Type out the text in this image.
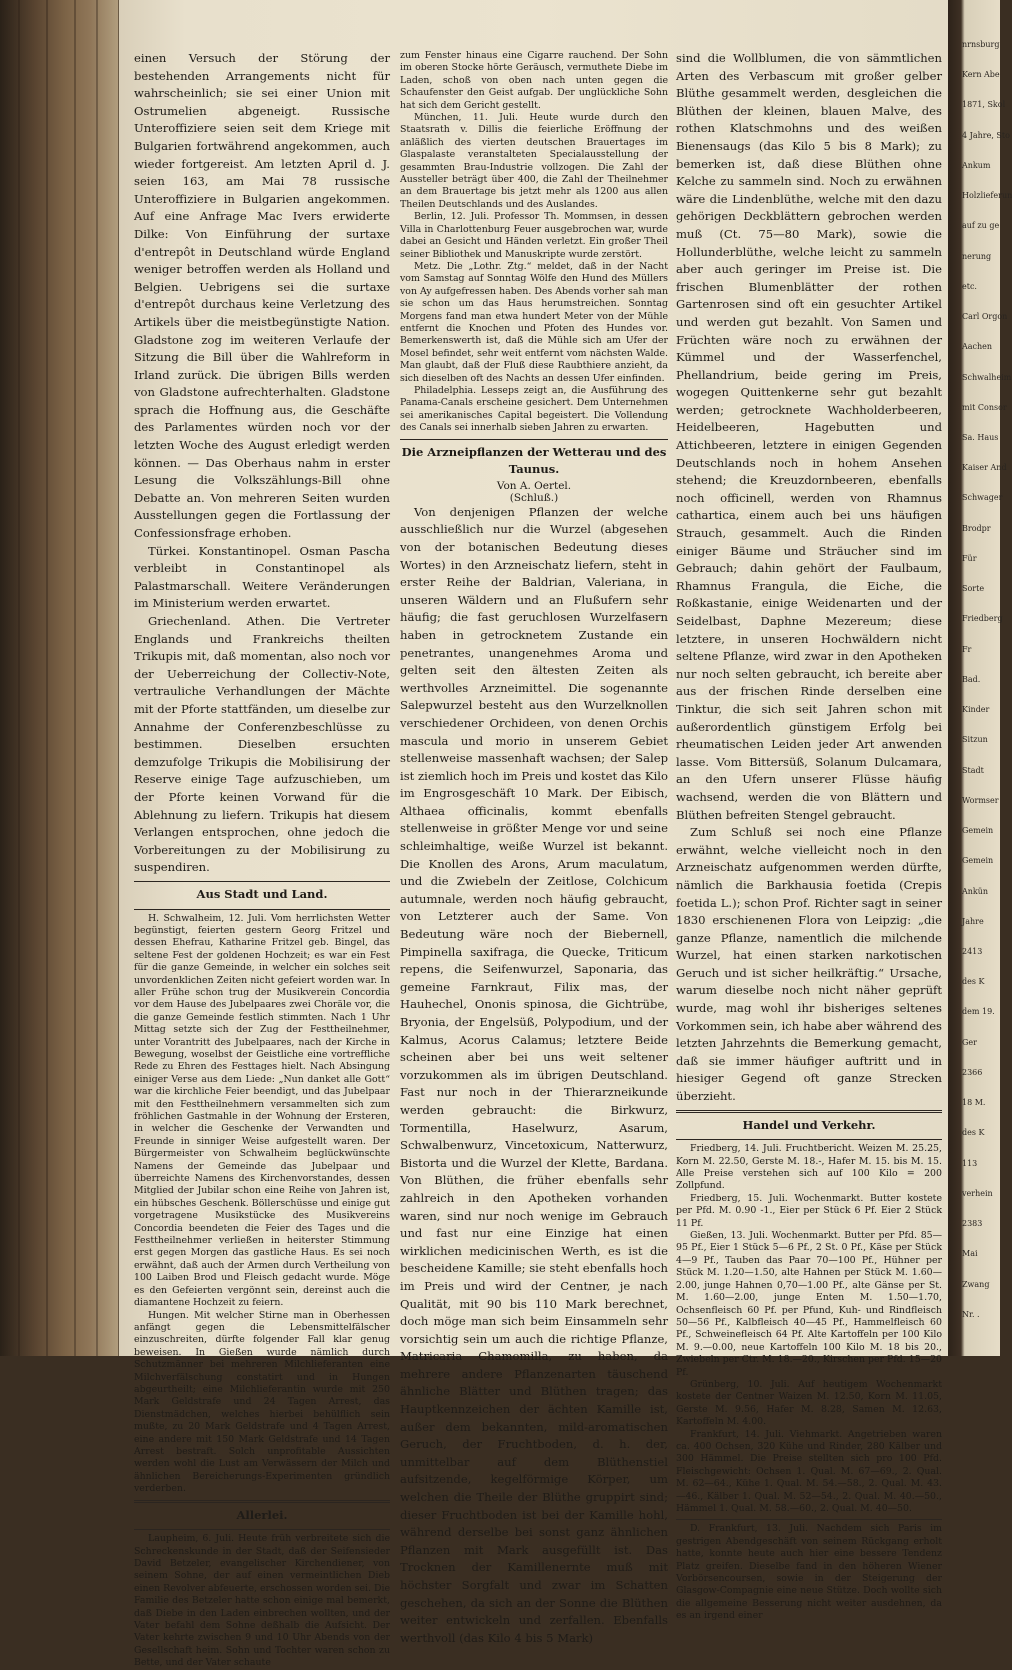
einen Versuch der Störung der bestehenden Arrangements nicht für wahrscheinlich; sie sei einer Union mit Ostrumelien abgeneigt. Russische Unteroffiziere seien seit dem Kriege mit Bulgarien fortwährend angekommen, auch wieder fortgereist. Am letzten April d. J. seien 163, am Mai 78 russische Unteroffiziere in Bulgarien angekommen. Auf eine Anfrage Mac Ivers erwiderte Dilke: Von Einführung der surtaxe d'entrepôt in Deutschland würde England weniger betroffen werden als Holland und Belgien. Uebrigens sei die surtaxe d'entrepôt durchaus keine Verletzung des Artikels über die meistbegünstigte Nation. Gladstone zog im weiteren Verlaufe der Sitzung die Bill über die Wahlreform in Irland zurück. Die übrigen Bills werden von Gladstone aufrechterhalten. Gladstone sprach die Hoffnung aus, die Geschäfte des Parlamentes würden noch vor der letzten Woche des August erledigt werden können. — Das Oberhaus nahm in erster Lesung die Volkszählungs-Bill ohne Debatte an. Von mehreren Seiten wurden Ausstellungen gegen die Fortlassung der Confessionsfrage erhoben.

Türkei. Konstantinopel. Osman Pascha verbleibt in Constantinopel als Palastmarschall. Weitere Veränderungen im Ministerium werden erwartet.

Griechenland. Athen. Die Vertreter Englands und Frankreichs theilten Trikupis mit, daß momentan, also noch vor der Ueberreichung der Collectiv-Note, vertrauliche Verhandlungen der Mächte mit der Pforte stattfänden, um dieselbe zur Annahme der Conferenzbeschlüsse zu bestimmen. Dieselben ersuchten demzufolge Trikupis die Mobilisirung der Reserve einige Tage aufzuschieben, um der Pforte keinen Vorwand für die Ablehnung zu liefern. Trikupis hat diesem Verlangen entsprochen, ohne jedoch die Vorbereitungen zu der Mobilisirung zu suspendiren.

Aus Stadt und Land.

H. Schwalheim, 12. Juli. Vom herrlichsten Wetter begünstigt, feierten gestern Georg Fritzel und dessen Ehefrau, Katharine Fritzel geb. Bingel, das seltene Fest der goldenen Hochzeit; es war ein Fest für die ganze Gemeinde, in welcher ein solches seit unvordenklichen Zeiten nicht gefeiert worden war. In aller Frühe schon trug der Musikverein Concordia vor dem Hause des Jubelpaares zwei Choräle vor, die die ganze Gemeinde festlich stimmten. Nach 1 Uhr Mittag setzte sich der Zug der Festtheilnehmer, unter Vorantritt des Jubelpaares, nach der Kirche in Bewegung, woselbst der Geistliche eine vortreffliche Rede zu Ehren des Festtages hielt. Nach Absingung einiger Verse aus dem Liede: „Nun danket alle Gott“ war die kirchliche Feier beendigt, und das Jubelpaar mit den Festtheilnehmern versammelten sich zum fröhlichen Gastmahle in der Wohnung der Ersteren, in welcher die Geschenke der Verwandten und Freunde in sinniger Weise aufgestellt waren. Der Bürgermeister von Schwalheim beglückwünschte Namens der Gemeinde das Jubelpaar und überreichte Namens des Kirchenvorstandes, dessen Mitglied der Jubilar schon eine Reihe von Jahren ist, ein hübsches Geschenk. Böllerschüsse und einige gut vorgetragene Musikstücke des Musikvereins Concordia beendeten die Feier des Tages und die Festtheilnehmer verließen in heiterster Stimmung erst gegen Morgen das gastliche Haus. Es sei noch erwähnt, daß auch der Armen durch Vertheilung von 100 Laiben Brod und Fleisch gedacht wurde. Möge es den Gefeierten vergönnt sein, dereinst auch die diamantene Hochzeit zu feiern.

Hungen. Mit welcher Stirne man in Oberhessen anfängt gegen die Lebensmittelfälscher einzuschreiten, dürfte folgender Fall klar genug beweisen. In Gießen wurde nämlich durch Schutzmänner bei mehreren Milchlieferanten eine Milchverfälschung constatirt und in Hungen abgeurtheilt; eine Milchlieferantin wurde mit 250 Mark Geldstrafe und 24 Tagen Arrest, das Dienstmädchen, welches hierbei behülflich sein mußte, zu 20 Mark Geldstrafe und 4 Tagen Arrest, eine andere mit 150 Mark Geldstrafe und 14 Tagen Arrest bestraft. Solch unprofitable Aussichten werden wohl die Lust am Verwässern der Milch und ähnlichen Bereicherungs-Experimenten gründlich verderben.

Allerlei.

Laupheim, 6. Juli. Heute früh verbreitete sich die Schreckenskunde in der Stadt, daß der Seifensieder David Betzeler, evangelischer Kirchendiener, von seinem Sohne, der auf einen vermeintlichen Dieb einen Revolver abfeuerte, erschossen worden sei. Die Familie des Betzeler hatte schon einige mal bemerkt, daß Diebe in den Laden einbrechen wollten, und der Vater befahl dem Sohne deßhalb die Aufsicht. Der Vater kehrte zwischen 9 und 10 Uhr Abends von der Gesellschaft heim. Sohn und Tochter waren schon zu Bette, und der Vater schaute

zum Fenster hinaus eine Cigarre rauchend. Der Sohn im oberen Stocke hörte Geräusch, vermuthete Diebe im Laden, schoß von oben nach unten gegen die Schaufenster den Geist aufgab. Der unglückliche Sohn hat sich dem Gericht gestellt.

München, 11. Juli. Heute wurde durch den Staatsrath v. Dillis die feierliche Eröffnung der anläßlich des vierten deutschen Brauertages im Glaspalaste veranstalteten Specialausstellung der gesammten Brau-Industrie vollzogen. Die Zahl der Aussteller beträgt über 400, die Zahl der Theilnehmer an dem Brauertage bis jetzt mehr als 1200 aus allen Theilen Deutschlands und des Auslandes.

Berlin, 12. Juli. Professor Th. Mommsen, in dessen Villa in Charlottenburg Feuer ausgebrochen war, wurde dabei an Gesicht und Händen verletzt. Ein großer Theil seiner Bibliothek und Manuskripte wurde zerstört.

Metz. Die „Lothr. Ztg.“ meldet, daß in der Nacht vom Samstag auf Sonntag Wölfe den Hund des Müllers von Ay aufgefressen haben. Des Abends vorher sah man sie schon um das Haus herumstreichen. Sonntag Morgens fand man etwa hundert Meter von der Mühle entfernt die Knochen und Pfoten des Hundes vor. Bemerkenswerth ist, daß die Mühle sich am Ufer der Mosel befindet, sehr weit entfernt vom nächsten Walde. Man glaubt, daß der Fluß diese Raubthiere anzieht, da sich dieselben oft des Nachts an dessen Ufer einfinden.

Philadelphia. Lesseps zeigt an, die Ausführung des Panama-Canals erscheine gesichert. Dem Unternehmen sei amerikanisches Capital begeistert. Die Vollendung des Canals sei innerhalb sieben Jahren zu erwarten.

Die Arzneipflanzen der Wetterau und des Taunus.

Von A. Oertel.

(Schluß.)

Von denjenigen Pflanzen der welche ausschließlich nur die Wurzel (abgesehen von der botanischen Bedeutung dieses Wortes) in den Arzneischatz liefern, steht in erster Reihe der Baldrian, Valeriana, in unseren Wäldern und an Flußufern sehr häufig; die fast geruchlosen Wurzelfasern haben in getrocknetem Zustande ein penetrantes, unangenehmes Aroma und gelten seit den ältesten Zeiten als werthvolles Arzneimittel. Die sogenannte Salepwurzel besteht aus den Wurzelknollen verschiedener Orchideen, von denen Orchis mascula und morio in unserem Gebiet stellenweise massenhaft wachsen; der Salep ist ziemlich hoch im Preis und kostet das Kilo im Engrosgeschäft 10 Mark. Der Eibisch, Althaea officinalis, kommt ebenfalls stellenweise in größter Menge vor und seine schleimhaltige, weiße Wurzel ist bekannt. Die Knollen des Arons, Arum maculatum, und die Zwiebeln der Zeitlose, Colchicum autumnale, werden noch häufig gebraucht, von Letzterer auch der Same. Von Bedeutung wäre noch der Biebernell, Pimpinella saxifraga, die Quecke, Triticum repens, die Seifenwurzel, Saponaria, das gemeine Farnkraut, Filix mas, der Hauhechel, Ononis spinosa, die Gichtrübe, Bryonia, der Engelsüß, Polypodium, und der Kalmus, Acorus Calamus; letztere Beide scheinen aber bei uns weit seltener vorzukommen als im übrigen Deutschland. Fast nur noch in der Thierarzneikunde werden gebraucht: die Birkwurz, Tormentilla, Haselwurz, Asarum, Schwalbenwurz, Vincetoxicum, Natterwurz, Bistorta und die Wurzel der Klette, Bardana. Von Blüthen, die früher ebenfalls sehr zahlreich in den Apotheken vorhanden waren, sind nur noch wenige im Gebrauch und fast nur eine Einzige hat einen wirklichen medicinischen Werth, es ist die bescheidene Kamille; sie steht ebenfalls hoch im Preis und wird der Centner, je nach Qualität, mit 90 bis 110 Mark berechnet, doch möge man sich beim Einsammeln sehr vorsichtig sein um auch die richtige Pflanze, Matricaria Chamomilla, zu haben, da mehrere andere Pflanzenarten täuschend ähnliche Blätter und Blüthen tragen; das Hauptkennzeichen der ächten Kamille ist, außer dem bekannten, mild-aromatischen Geruch, der Fruchtboden, d. h. der, unmittelbar auf dem Blüthenstiel aufsitzende, kegelförmige Körper, um welchen die Theile der Blüthe gruppirt sind; dieser Fruchtboden ist bei der Kamille hohl, während derselbe bei sonst ganz ähnlichen Pflanzen mit Mark ausgefüllt ist. Das Trocknen der Kamillenernte muß mit höchster Sorgfalt und zwar im Schatten geschehen, da sich an der Sonne die Blüthen weiter entwickeln und zerfallen. Ebenfalls werthvoll (das Kilo 4 bis 5 Mark)

sind die Wollblumen, die von sämmtlichen Arten des Verbascum mit großer gelber Blüthe gesammelt werden, desgleichen die Blüthen der kleinen, blauen Malve, des rothen Klatschmohns und des weißen Bienensaugs (das Kilo 5 bis 8 Mark); zu bemerken ist, daß diese Blüthen ohne Kelche zu sammeln sind. Noch zu erwähnen wäre die Lindenblüthe, welche mit den dazu gehörigen Deckblättern gebrochen werden muß (Ct. 75—80 Mark), sowie die Hollunderblüthe, welche leicht zu sammeln aber auch geringer im Preise ist. Die frischen Blumenblätter der rothen Gartenrosen sind oft ein gesuchter Artikel und werden gut bezahlt. Von Samen und Früchten wäre noch zu erwähnen der Kümmel und der Wasserfenchel, Phellandrium, beide gering im Preis, wogegen Quittenkerne sehr gut bezahlt werden; getrocknete Wachholderbeeren, Heidelbeeren, Hagebutten und Attichbeeren, letztere in einigen Gegenden Deutschlands noch in hohem Ansehen stehend; die Kreuzdornbeeren, ebenfalls noch officinell, werden von Rhamnus cathartica, einem auch bei uns häufigen Strauch, gesammelt. Auch die Rinden einiger Bäume und Sträucher sind im Gebrauch; dahin gehört der Faulbaum, Rhamnus Frangula, die Eiche, die Roßkastanie, einige Weidenarten und der Seidelbast, Daphne Mezereum; diese letztere, in unseren Hochwäldern nicht seltene Pflanze, wird zwar in den Apotheken nur noch selten gebraucht, ich bereite aber aus der frischen Rinde derselben eine Tinktur, die sich seit Jahren schon mit außerordentlich günstigem Erfolg bei rheumatischen Leiden jeder Art anwenden lasse. Vom Bittersüß, Solanum Dulcamara, an den Ufern unserer Flüsse häufig wachsend, werden die von Blättern und Blüthen befreiten Stengel gebraucht.

Zum Schluß sei noch eine Pflanze erwähnt, welche vielleicht noch in den Arzneischatz aufgenommen werden dürfte, nämlich die Barkhausia foetida (Crepis foetida L.); schon Prof. Richter sagt in seiner 1830 erschienenen Flora von Leipzig: „die ganze Pflanze, namentlich die milchende Wurzel, hat einen starken narkotischen Geruch und ist sicher heilkräftig.“ Ursache, warum dieselbe noch nicht näher geprüft wurde, mag wohl ihr bisheriges seltenes Vorkommen sein, ich habe aber während des letzten Jahrzehnts die Bemerkung gemacht, daß sie immer häufiger auftritt und in hiesiger Gegend oft ganze Strecken überzieht.

Handel und Verkehr.

Friedberg, 14. Juli. Fruchtbericht. Weizen M. 25.25, Korn M. 22.50, Gerste M. 18.-, Hafer M. 15. bis M. 15. Alle Preise verstehen sich auf 100 Kilo = 200 Zollpfund.

Friedberg, 15. Juli. Wochenmarkt. Butter kostete per Pfd. M. 0.90 -1., Eier per Stück 6 Pf. Eier 2 Stück 11 Pf.

Gießen, 13. Juli. Wochenmarkt. Butter per Pfd. 85—95 Pf., Eier 1 Stück 5—6 Pf., 2 St. 0 Pf., Käse per Stück 4—9 Pf., Tauben das Paar 70—100 Pf., Hühner per Stück M. 1.20—1.50, alte Hahnen per Stück M. 1.60—2.00, junge Hahnen 0,70—1.00 Pf., alte Gänse per St. M. 1.60—2.00, junge Enten M. 1.50—1.70, Ochsenfleisch 60 Pf. per Pfund, Kuh- und Rindfleisch 50—56 Pf., Kalbfleisch 40—45 Pf., Hammelfleisch 60 Pf., Schweinefleisch 64 Pf. Alte Kartoffeln per 100 Kilo M. 9.—0.00, neue Kartoffeln 100 Kilo M. 18 bis 20., Zwiebeln per Ctr. M. 18.—20., Kirschen per Pfd. 15—20 Pf.

Grünberg, 10. Juli. Auf heutigem Wochenmarkt kostete der Centner Waizen M. 12.50, Korn M. 11.05, Gerste M. 9.56, Hafer M. 8.28, Samen M. 12.63, Kartoffeln M. 4.00.

Frankfurt, 14. Juli. Viehmarkt. Angetrieben waren ca. 400 Ochsen, 320 Kühe und Rinder, 280 Kälber und 300 Hämmel. Die Preise stellten sich pro 100 Pfd. Fleischgewicht: Ochsen 1. Qual. M. 67—69., 2. Qual. M. 62—64., Kühe 1. Qual. M. 54.—58., 2. Qual. M. 43.—46., Kälber 1. Qual. M. 52—54., 2. Qual. M. 40.—50., Hämmel 1. Qual. M. 58.—60., 2. Qual. M. 40—50.

D. Frankfurt, 13. Juli. Nachdem sich Paris im gestrigen Abendgeschäft von seinem Rückgang erholt hatte, konnte heute auch hier eine bessere Tendenz Platz greifen. Dieselbe fand in den höheren Wiener Vorbörsencoursen, sowie in der Steigerung der Glasgow-Compagnie eine neue Stütze. Doch wollte sich die allgemeine Besserung nicht weiter ausdehnen, da es an irgend einer

nrnsburg
Kern Abe
1871, Skol
4 Jahre, Sto
Ankum
Holzlieferun
auf zu ge
nerung
etc.
Carl Orgon
Aachen
Schwalheim
mit Consor
Sa. Haus
Kaiser And
Schwager
Brodpr
Für
Sorte
Friedberg
Fr
Bad.
Kinder
Sitzun
Stadt
Wormser
Gemein
Gemein
Ankün
Jahre
2413
des K
dem 19.
Ger
2366
18 M.
des K
113
verhein
2383
Mai
Zwang
Nr. .
